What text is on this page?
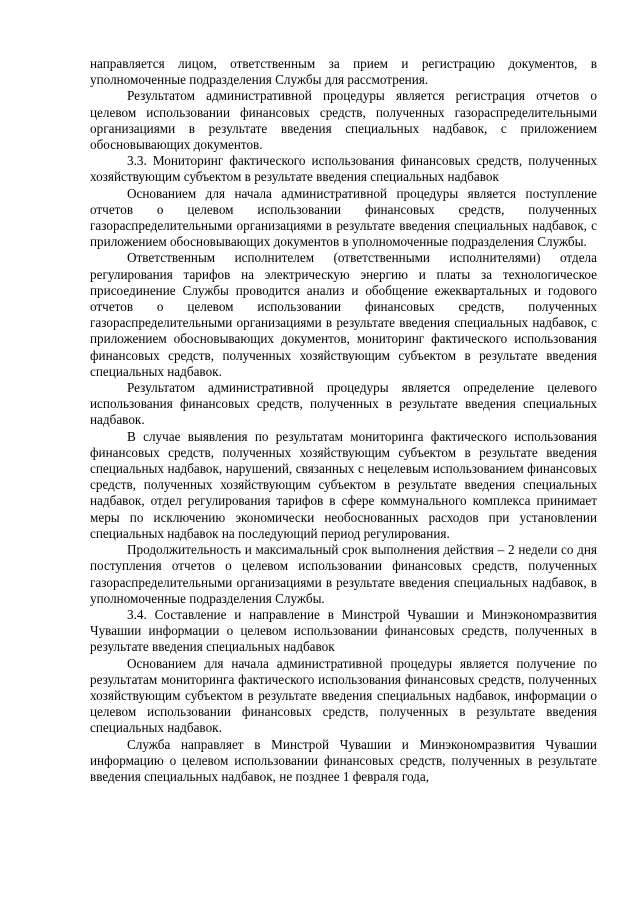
направляется лицом, ответственным за прием и регистрацию документов, в уполномоченные подразделения Службы для рассмотрения.

Результатом административной процедуры является регистрация отчетов о целевом использовании финансовых средств, полученных газораспределительными организациями в результате введения специальных надбавок, с приложением обосновывающих документов.

3.3. Мониторинг фактического использования финансовых средств, полученных хозяйствующим субъектом в результате введения специальных надбавок

Основанием для начала административной процедуры является поступление отчетов о целевом использовании финансовых средств, полученных газораспределительными организациями в результате введения специальных надбавок, с приложением обосновывающих документов в уполномоченные подразделения Службы.

Ответственным исполнителем (ответственными исполнителями) отдела регулирования тарифов на электрическую энергию и платы за технологическое присоединение Службы проводится анализ и обобщение ежеквартальных и годового отчетов о целевом использовании финансовых средств, полученных газораспределительными организациями в результате введения специальных надбавок, с приложением обосновывающих документов, мониторинг фактического использования финансовых средств, полученных хозяйствующим субъектом в результате введения специальных надбавок.

Результатом административной процедуры является определение целевого использования финансовых средств, полученных в результате введения специальных надбавок.

В случае выявления по результатам мониторинга фактического использования финансовых средств, полученных хозяйствующим субъектом в результате введения специальных надбавок, нарушений, связанных с нецелевым использованием финансовых средств, полученных хозяйствующим субъектом в результате введения специальных надбавок, отдел регулирования тарифов в сфере коммунального комплекса принимает меры по исключению экономически необоснованных расходов при установлении специальных надбавок на последующий период регулирования.

Продолжительность и максимальный срок выполнения действия – 2 недели со дня поступления отчетов о целевом использовании финансовых средств, полученных газораспределительными организациями в результате введения специальных надбавок, в уполномоченные подразделения Службы.

3.4. Составление и направление в Минстрой Чувашии и Минэкономразвития Чувашии информации о целевом использовании финансовых средств, полученных в результате введения специальных надбавок

Основанием для начала административной процедуры является получение по результатам мониторинга фактического использования финансовых средств, полученных хозяйствующим субъектом в результате введения специальных надбавок, информации о целевом использовании финансовых средств, полученных в результате введения специальных надбавок.

Служба направляет в Минстрой Чувашии и Минэкономразвития Чувашии информацию о целевом использовании финансовых средств, полученных в результате введения специальных надбавок, не позднее 1 февраля года,
